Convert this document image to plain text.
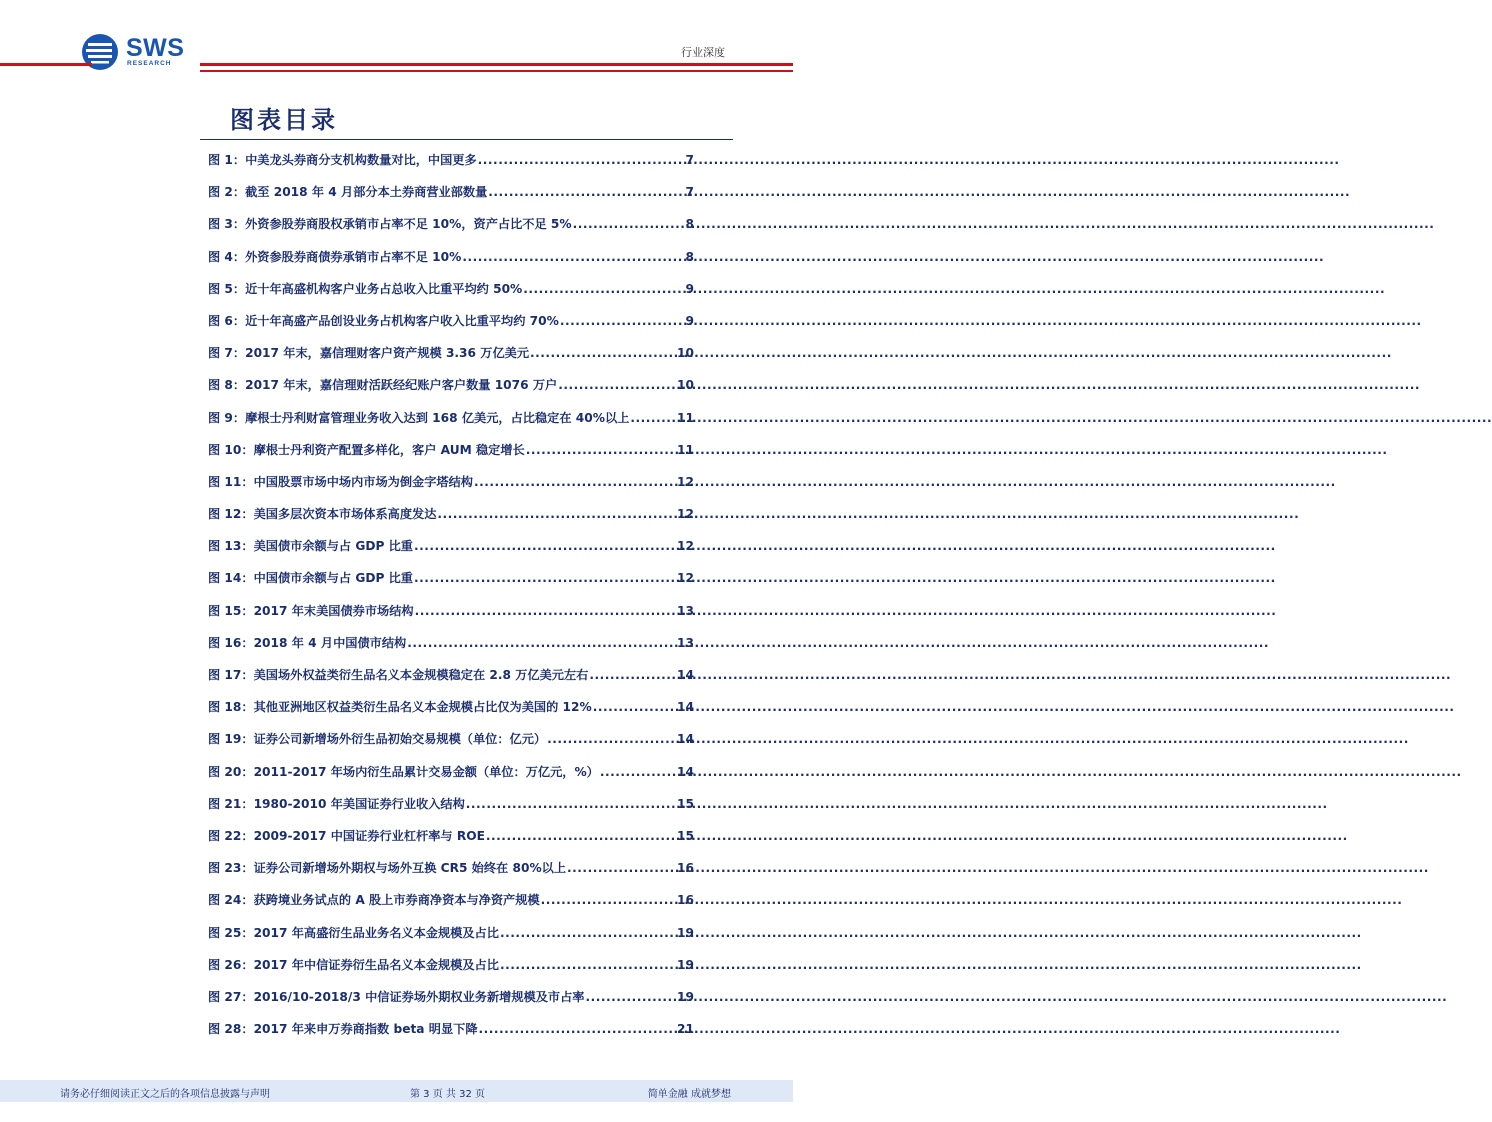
SWS
RESEARCH
行业深度
图表目录
图 1：中美龙头券商分支机构数量对比，中国更多 .....	7
图 2：截至 2018 年 4 月部分本土券商营业部数量 .....	7
图 3：外资参股券商股权承销市占率不足 10%，资产占比不足 5% .....	8
图 4：外资参股券商债券承销市占率不足 10% .....	8
图 5：近十年高盛机构客户业务占总收入比重平均约 50% .....	9
图 6：近十年高盛产品创设业务占机构客户收入比重平均约 70% .....	9
图 7：2017 年末，嘉信理财客户资产规模 3.36 万亿美元 .....	10
图 8：2017 年末，嘉信理财活跃经纪账户客户数量 1076 万户 .....	10
图 9：摩根士丹利财富管理业务收入达到 168 亿美元，占比稳定在 40%以上 .....	11
图 10：摩根士丹利资产配置多样化，客户 AUM 稳定增长 .....	11
图 11：中国股票市场中场内市场为倒金字塔结构 .....	12
图 12：美国多层次资本市场体系高度发达 .....	12
图 13：美国债市余额与占 GDP 比重 .....	12
图 14：中国债市余额与占 GDP 比重 .....	12
图 15：2017 年末美国债券市场结构 .....	13
图 16：2018 年 4 月中国债市结构 .....	13
图 17：美国场外权益类衍生品名义本金规模稳定在 2.8 万亿美元左右 .....	14
图 18：其他亚洲地区权益类衍生品名义本金规模占比仅为美国的 12% .....	14
图 19：证券公司新增场外衍生品初始交易规模（单位：亿元） .....	14
图 20：2011-2017 年场内衍生品累计交易金额（单位：万亿元，%） .....	14
图 21：1980-2010 年美国证券行业收入结构 .....	15
图 22：2009-2017 中国证券行业杠杆率与 ROE .....	15
图 23：证券公司新增场外期权与场外互换 CR5 始终在 80%以上 .....	16
图 24：获跨境业务试点的 A 股上市券商净资本与净资产规模 .....	16
图 25：2017 年高盛衍生品业务名义本金规模及占比 .....	19
图 26：2017 年中信证券衍生品名义本金规模及占比 .....	19
图 27：2016/10-2018/3 中信证券场外期权业务新增规模及市占率 .....	19
图 28：2017 年来申万券商指数 beta 明显下降 .....	21
请务必仔细阅读正文之后的各项信息披露与声明	第 3 页 共 32 页	简单金融 成就梦想
